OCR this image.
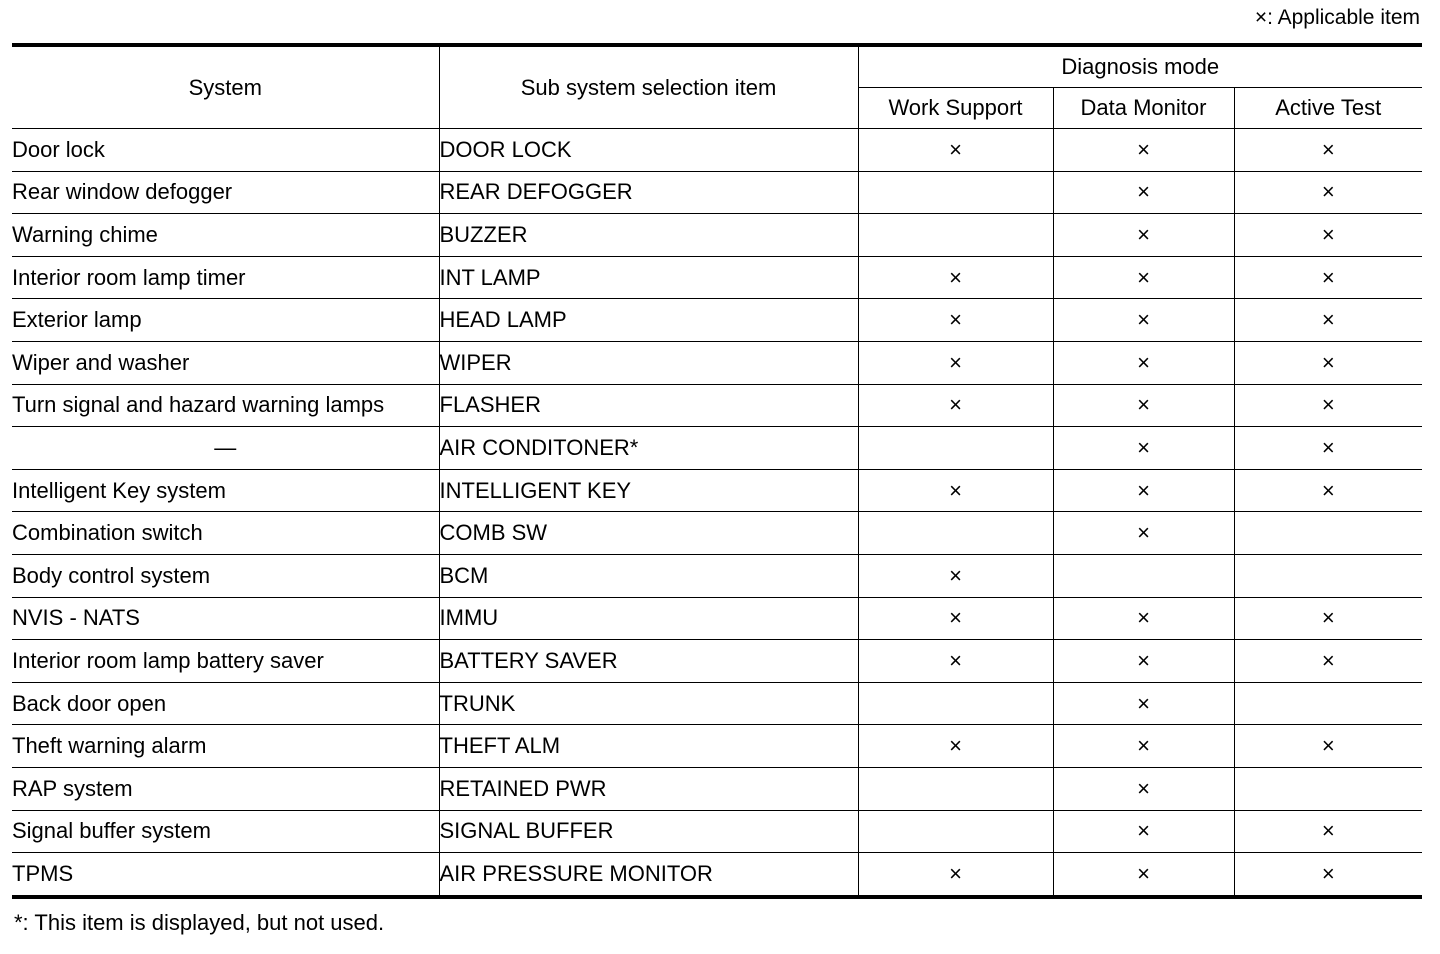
×: Applicable item
System	Sub system selection item	Diagnosis mode		
		Work Support	Data Monitor	Active Test
Door lock	DOOR LOCK	×	×	×
Rear window defogger	REAR DEFOGGER		×	×
Warning chime	BUZZER		×	×
Interior room lamp timer	INT LAMP	×	×	×
Exterior lamp	HEAD LAMP	×	×	×
Wiper and washer	WIPER	×	×	×
Turn signal and hazard warning lamps	FLASHER	×	×	×
—	AIR CONDITONER*		×	×
Intelligent Key system	INTELLIGENT KEY	×	×	×
Combination switch	COMB SW		×	
Body control system	BCM	×		
NVIS - NATS	IMMU	×	×	×
Interior room lamp battery saver	BATTERY SAVER	×	×	×
Back door open	TRUNK		×	
Theft warning alarm	THEFT ALM	×	×	×
RAP system	RETAINED PWR		×	
Signal buffer system	SIGNAL BUFFER		×	×
TPMS	AIR PRESSURE MONITOR	×	×	×
*: This item is displayed, but not used.
